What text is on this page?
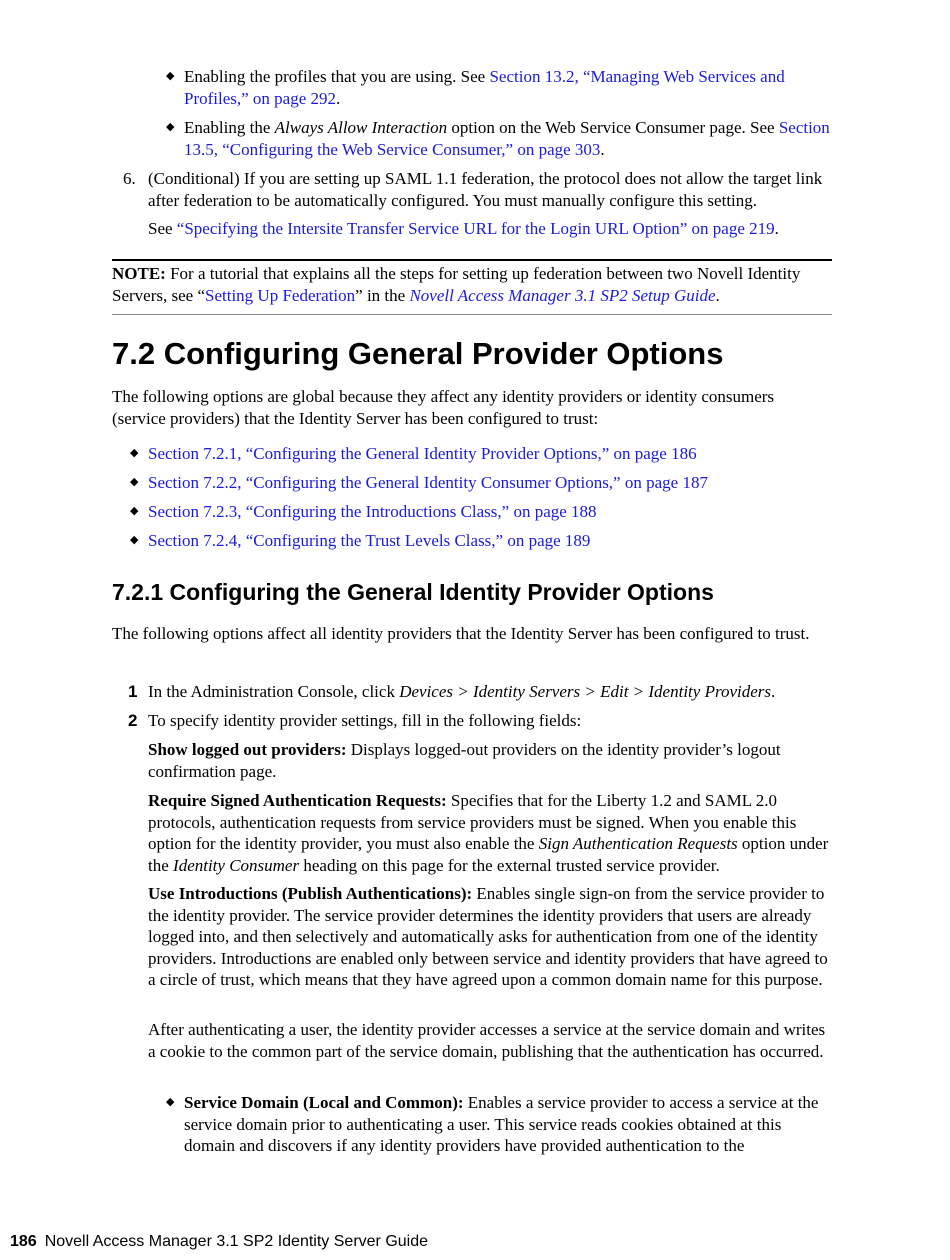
◆ Enabling the profiles that you are using. See Section 13.2, “Managing Web Services and Profiles,” on page 292.
◆ Enabling the Always Allow Interaction option on the Web Service Consumer page. See Section 13.5, “Configuring the Web Service Consumer,” on page 303.
6. (Conditional) If you are setting up SAML 1.1 federation, the protocol does not allow the target link after federation to be automatically configured. You must manually configure this setting.
See “Specifying the Intersite Transfer Service URL for the Login URL Option” on page 219.
NOTE: For a tutorial that explains all the steps for setting up federation between two Novell Identity Servers, see “Setting Up Federation” in the Novell Access Manager 3.1 SP2 Setup Guide.
7.2 Configuring General Provider Options
The following options are global because they affect any identity providers or identity consumers (service providers) that the Identity Server has been configured to trust:
◆ Section 7.2.1, “Configuring the General Identity Provider Options,” on page 186
◆ Section 7.2.2, “Configuring the General Identity Consumer Options,” on page 187
◆ Section 7.2.3, “Configuring the Introductions Class,” on page 188
◆ Section 7.2.4, “Configuring the Trust Levels Class,” on page 189
7.2.1 Configuring the General Identity Provider Options
The following options affect all identity providers that the Identity Server has been configured to trust.
1 In the Administration Console, click Devices > Identity Servers > Edit > Identity Providers.
2 To specify identity provider settings, fill in the following fields:
Show logged out providers: Displays logged-out providers on the identity provider’s logout confirmation page.
Require Signed Authentication Requests: Specifies that for the Liberty 1.2 and SAML 2.0 protocols, authentication requests from service providers must be signed. When you enable this option for the identity provider, you must also enable the Sign Authentication Requests option under the Identity Consumer heading on this page for the external trusted service provider.
Use Introductions (Publish Authentications): Enables single sign-on from the service provider to the identity provider. The service provider determines the identity providers that users are already logged into, and then selectively and automatically asks for authentication from one of the identity providers. Introductions are enabled only between service and identity providers that have agreed to a circle of trust, which means that they have agreed upon a common domain name for this purpose.
After authenticating a user, the identity provider accesses a service at the service domain and writes a cookie to the common part of the service domain, publishing that the authentication has occurred.
◆ Service Domain (Local and Common): Enables a service provider to access a service at the service domain prior to authenticating a user. This service reads cookies obtained at this domain and discovers if any identity providers have provided authentication to the
186 Novell Access Manager 3.1 SP2 Identity Server Guide
